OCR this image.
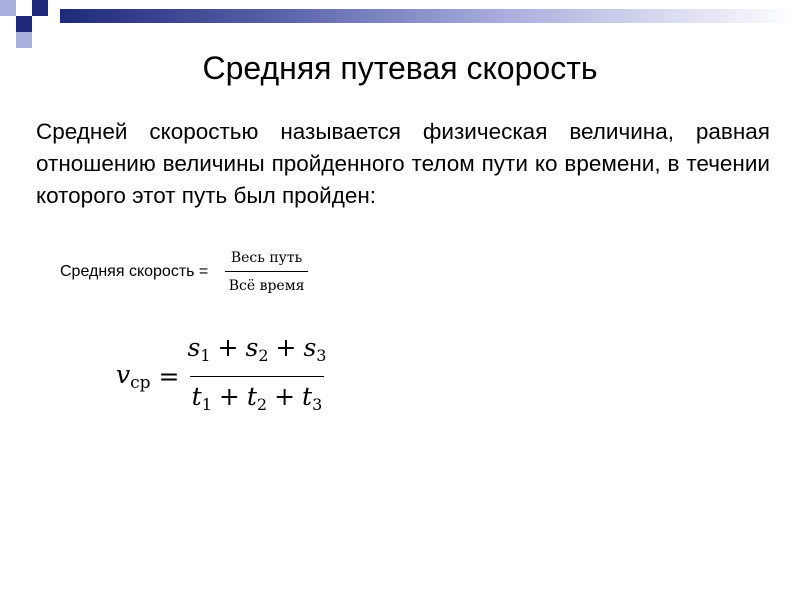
Средняя путевая скорость

Средней скоростью называется физическая величина, равная отношению величины пройденного телом пути ко времени, в течении которого этот путь был пройден:

Средняя скорость = $\frac{\text{Весь путь}}{\text{Всё время}}$
$v_{ср} = \frac{s_1 + s_2 + s_3}{t_1 + t_2 + t_3}$
